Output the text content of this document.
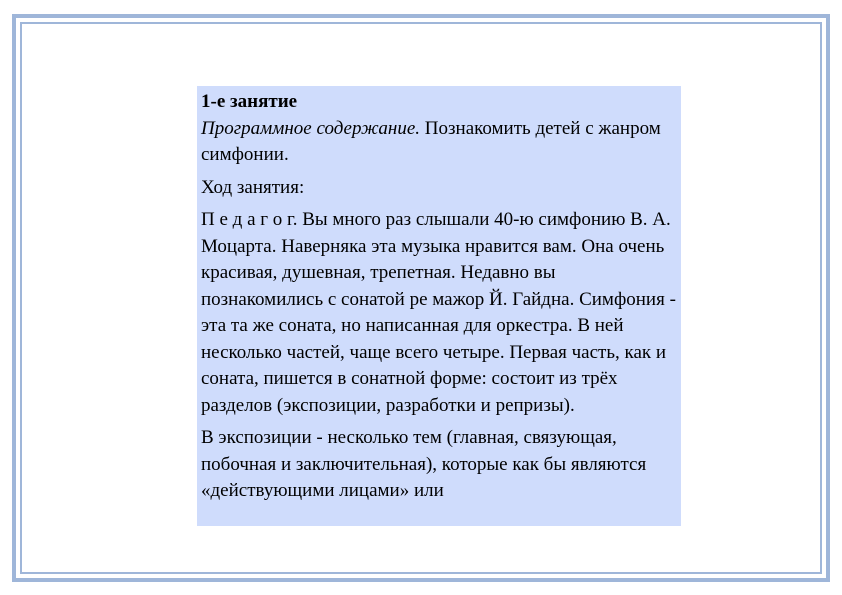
1-е занятие

Программное содержание. Познакомить детей с жанром симфонии.

Ход занятия:

П е д а г о г. Вы много раз слышали 40-ю симфонию В. А. Моцарта. Наверняка эта музыка нравится вам. Она очень красивая, душевная, трепетная. Недавно вы познакомились с сонатой ре мажор Й. Гайдна. Симфония - эта та же соната, но написанная для оркестра. В ней несколько частей, чаще всего четыре. Первая часть, как и соната, пишется в сонатной форме: состоит из трёх разделов (экспозиции, разработки и репризы).

В экспозиции - несколько тем (главная, связующая, побочная и заключительная), которые как бы являются «действующими лицами» или
